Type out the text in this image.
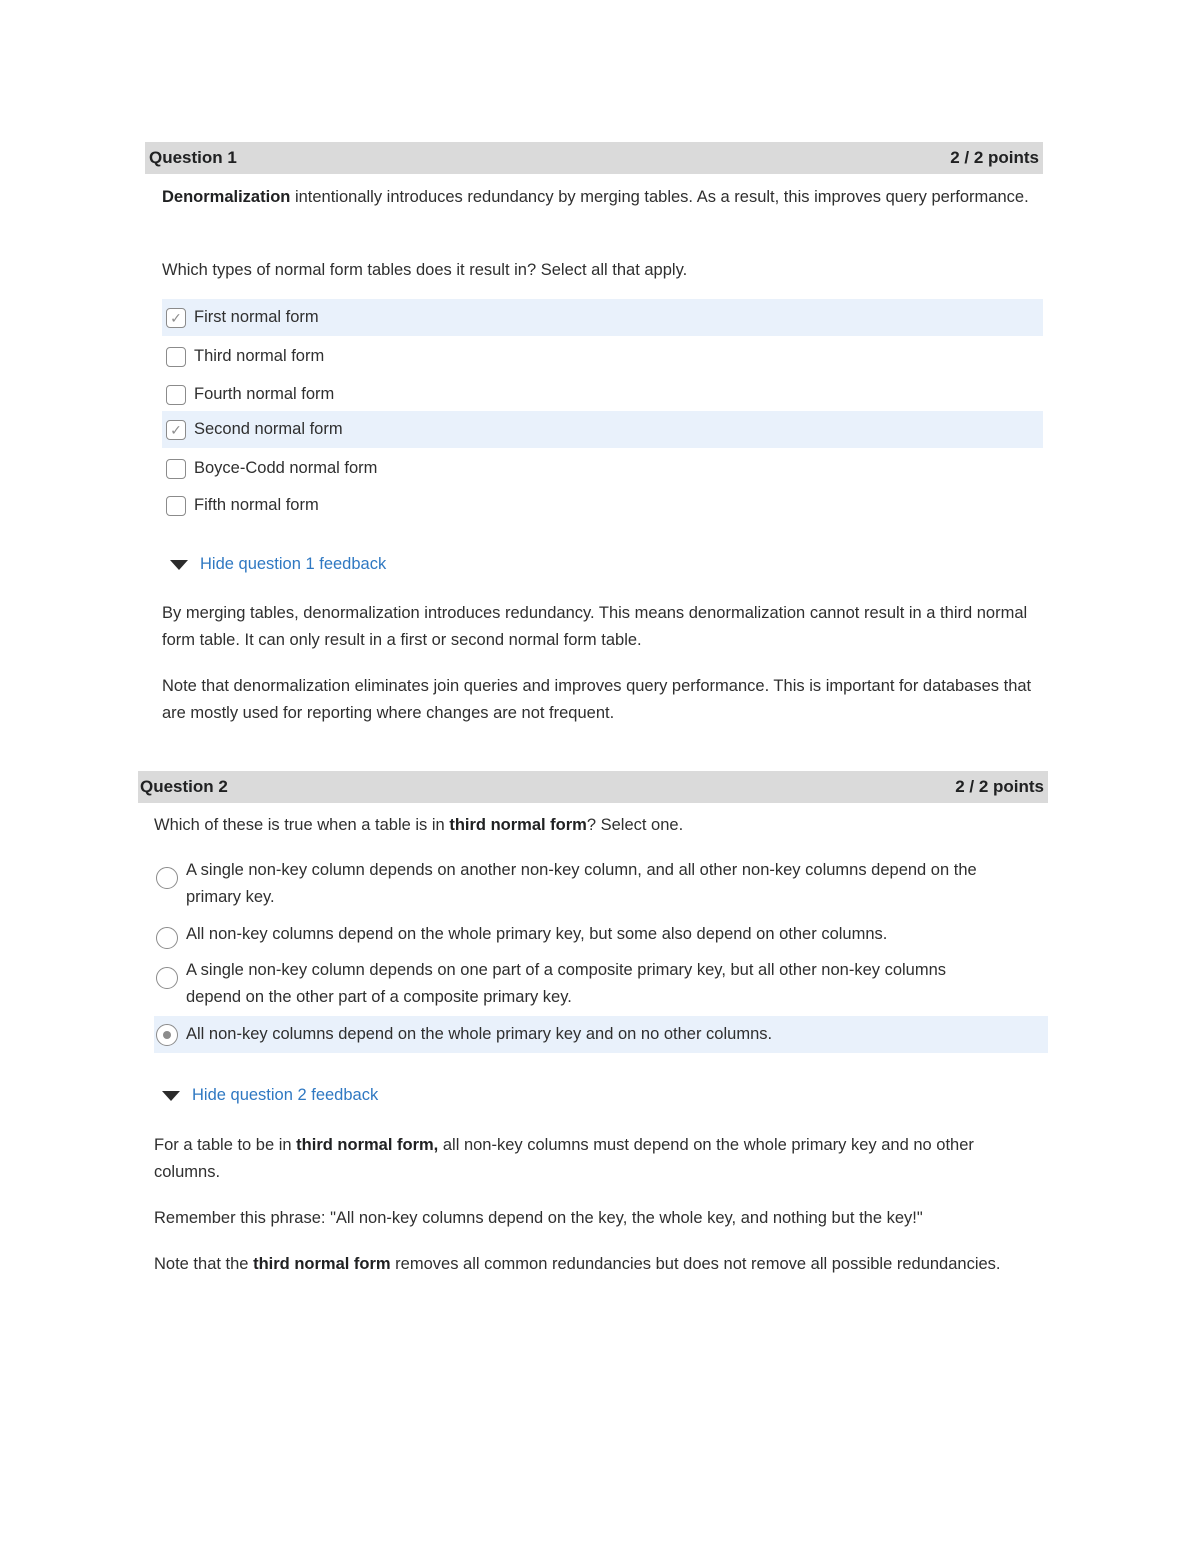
Question 1	2 / 2 points
Denormalization intentionally introduces redundancy by merging tables. As a result, this improves query performance.
Which types of normal form tables does it result in? Select all that apply.
✓ First normal form
Third normal form
Fourth normal form
✓ Second normal form
Boyce-Codd normal form
Fifth normal form
Hide question 1 feedback
By merging tables, denormalization introduces redundancy. This means denormalization cannot result in a third normal form table. It can only result in a first or second normal form table.
Note that denormalization eliminates join queries and improves query performance. This is important for databases that are mostly used for reporting where changes are not frequent.
Question 2	2 / 2 points
Which of these is true when a table is in third normal form? Select one.
A single non-key column depends on another non-key column, and all other non-key columns depend on the primary key.
All non-key columns depend on the whole primary key, but some also depend on other columns.
A single non-key column depends on one part of a composite primary key, but all other non-key columns depend on the other part of a composite primary key.
All non-key columns depend on the whole primary key and on no other columns.
Hide question 2 feedback
For a table to be in third normal form, all non-key columns must depend on the whole primary key and no other columns.
Remember this phrase: "All non-key columns depend on the key, the whole key, and nothing but the key!"
Note that the third normal form removes all common redundancies but does not remove all possible redundancies.
